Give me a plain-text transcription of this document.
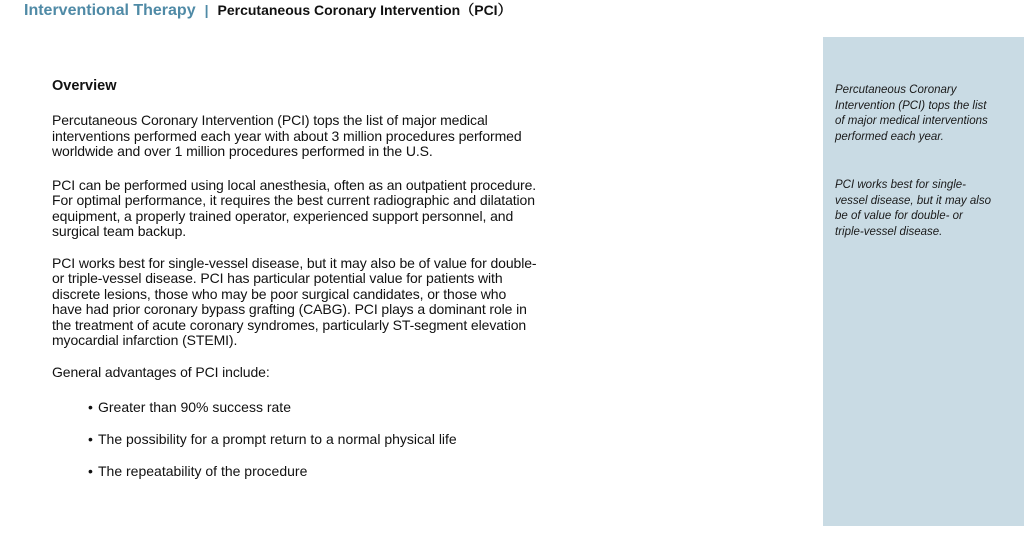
Interventional Therapy | Percutaneous Coronary Intervention（PCI）
Overview

Percutaneous Coronary Intervention (PCI) tops the list of major medical interventions performed each year with about 3 million procedures performed worldwide and over 1 million procedures performed in the U.S.

PCI can be performed using local anesthesia, often as an outpatient procedure. For optimal performance, it requires the best current radiographic and dilatation equipment, a properly trained operator, experienced support personnel, and surgical team backup.

PCI works best for single-vessel disease, but it may also be of value for double- or triple-vessel disease. PCI has particular potential value for patients with discrete lesions, those who may be poor surgical candidates, or those who have had prior coronary bypass grafting (CABG). PCI plays a dominant role in the treatment of acute coronary syndromes, particularly ST-segment elevation myocardial infarction (STEMI).

General advantages of PCI include:

• Greater than 90% success rate
• The possibility for a prompt return to a normal physical life
• The repeatability of the procedure
Percutaneous Coronary Intervention (PCI) tops the list of major medical interventions performed each year.
PCI works best for single-vessel disease, but it may also be of value for double- or triple-vessel disease.
